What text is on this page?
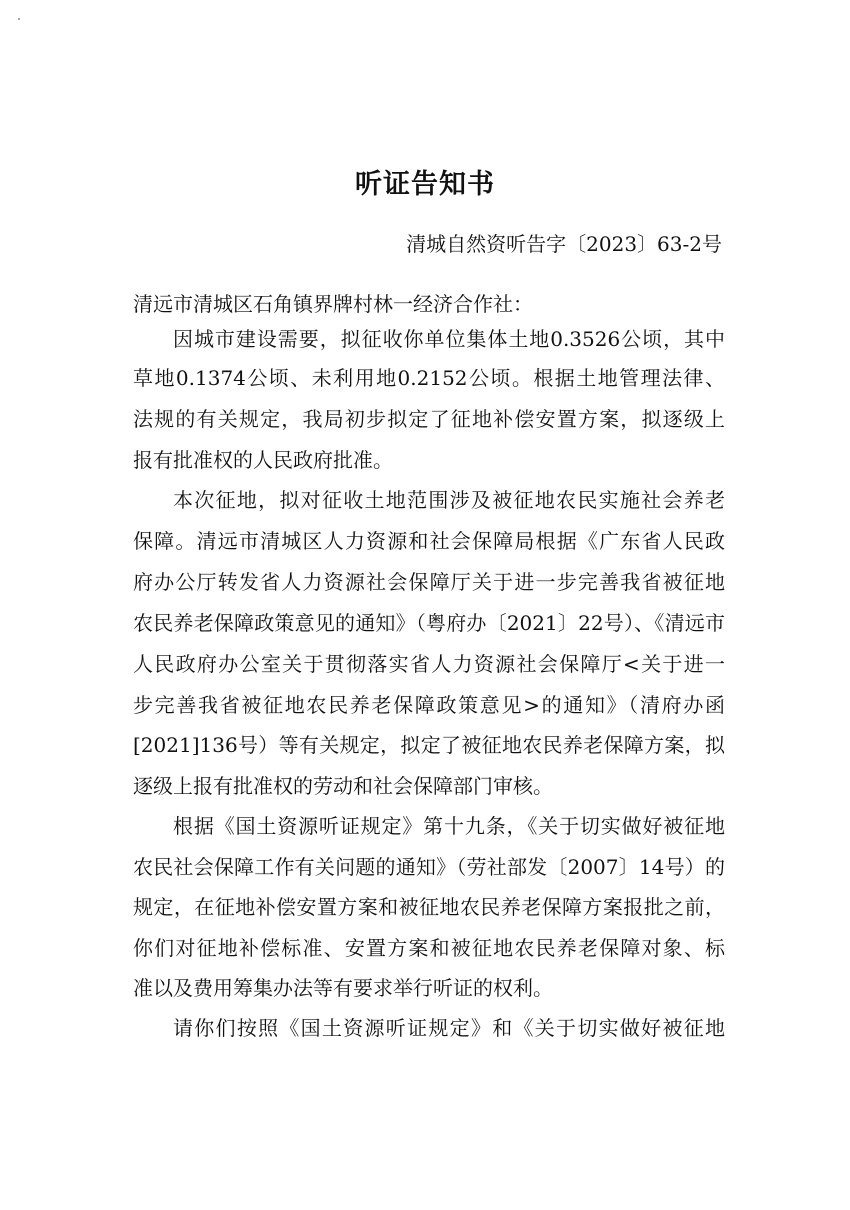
听证告知书
清城自然资听告字〔2023〕63-2号
清远市清城区石角镇界牌村林一经济合作社：
因城市建设需要，拟征收你单位集体土地0.3526公顷，其中
草地0.1374公顷、未利用地0.2152公顷。根据土地管理法律、
法规的有关规定，我局初步拟定了征地补偿安置方案，拟逐级上
报有批准权的人民政府批准。
本次征地，拟对征收土地范围涉及被征地农民实施社会养老
保障。清远市清城区人力资源和社会保障局根据《广东省人民政
府办公厅转发省人力资源社会保障厅关于进一步完善我省被征地
农民养老保障政策意见的通知》（粤府办〔2021〕22号）、《清远市
人民政府办公室关于贯彻落实省人力资源社会保障厅<关于进一
步完善我省被征地农民养老保障政策意见>的通知》（清府办函
[2021]136号）等有关规定，拟定了被征地农民养老保障方案，拟
逐级上报有批准权的劳动和社会保障部门审核。
根据《国土资源听证规定》第十九条，《关于切实做好被征地
农民社会保障工作有关问题的通知》（劳社部发〔2007〕14号）的
规定，在征地补偿安置方案和被征地农民养老保障方案报批之前，
你们对征地补偿标准、安置方案和被征地农民养老保障对象、标
准以及费用筹集办法等有要求举行听证的权利。
请你们按照《国土资源听证规定》和《关于切实做好被征地
